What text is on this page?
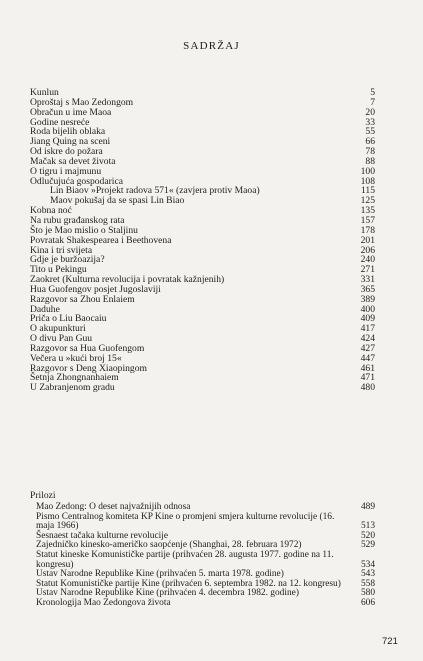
SADRŽAJ
Kunlun	5
Oproštaj s Mao Zedongom	7
Obračun u ime Maoa	20
Godine nesreće	33
Roda bijelih oblaka	55
Jiang Quing na sceni	66
Od iskre do požara	78
Mačak sa devet života	88
O tigru i majmunu	100
Odlučujuća gospodarica	108
Lin Biaov »Projekt radova 571« (zavjera protiv Maoa)	115
Maov pokušaj da se spasi Lin Biao	125
Kobna noć	135
Na rubu građanskog rata	157
Što je Mao mislio o Staljinu	178
Povratak Shakespearea i Beethovena	201
Kina i tri svijeta	206
Gdje je buržoazija?	240
Tito u Pekingu	271
Zaokret (Kulturna revolucija i povratak kažnjenih)	331
Hua Guofengov posjet Jugoslaviji	365
Razgovor sa Zhou Enlaiem	389
Daduhe	400
Priča o Liu Baocaiu	409
O akupunkturi	417
O divu Pan Guu	424
Razgovor sa Hua Guofengom	427
Večera u »kući broj 15«	447
Razgovor s Deng Xiaopingom	461
Šetnja Zhongnanhaiem	471
U Zabranjenom gradu	480
Prilozi
Mao Zedong: O deset najvažnijih odnosa	489
Pismo Centralnog komiteta KP Kine o promjeni smjera kulturne revolucije (16. maja 1966)	513
Šesnaest tačaka kulturne revolucije	520
Zajedničko kinesko-američko saopćenje (Shanghai, 28. februara 1972)	529
Statut kineske Komunističke partije (prihvaćen 28. augusta 1977. godine na 11. kongresu)	534
Ustav Narodne Republike Kine (prihvaćen 5. marta 1978. godine)	543
Statut Komunističke partije Kine (prihvaćen 6. septembra 1982. na 12. kongresu)	558
Ustav Narodne Republike Kine (prihvaćen 4. decembra 1982. godine)	580
Kronologija Mao Zedongova života	606
721
